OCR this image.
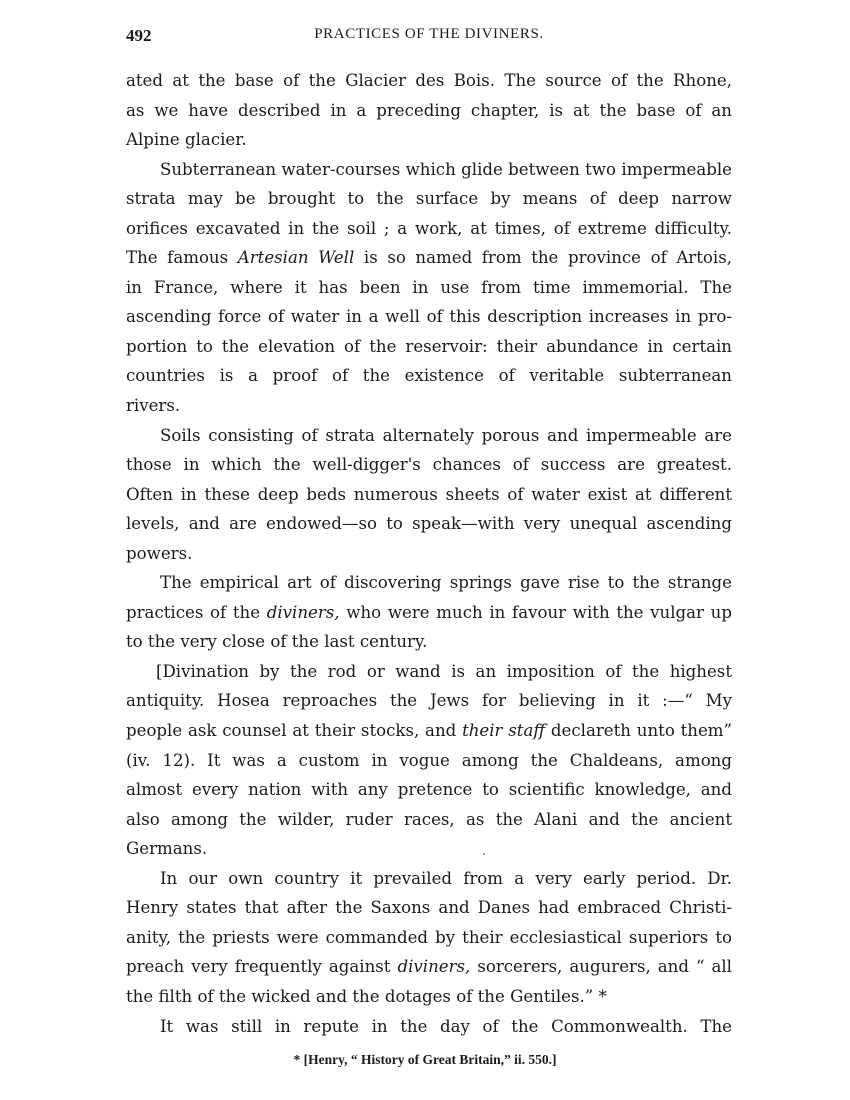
492	PRACTICES OF THE DIVINERS.
ated at the base of the Glacier des Bois. The source of the Rhone,
as we have described in a preceding chapter, is at the base of an
Alpine glacier.
Subterranean water-courses which glide between two impermeable
strata may be brought to the surface by means of deep narrow
orifices excavated in the soil ; a work, at times, of extreme difficulty.
The famous Artesian Well is so named from the province of Artois,
in France, where it has been in use from time immemorial. The
ascending force of water in a well of this description increases in pro-
portion to the elevation of the reservoir: their abundance in certain
countries is a proof of the existence of veritable subterranean
rivers.
Soils consisting of strata alternately porous and impermeable are
those in which the well-digger's chances of success are greatest.
Often in these deep beds numerous sheets of water exist at different
levels, and are endowed—so to speak—with very unequal ascending
powers.
The empirical art of discovering springs gave rise to the strange
practices of the diviners, who were much in favour with the vulgar up
to the very close of the last century.
[Divination by the rod or wand is an imposition of the highest
antiquity. Hosea reproaches the Jews for believing in it :—“ My
people ask counsel at their stocks, and their staff declareth unto them”
(iv. 12). It was a custom in vogue among the Chaldeans, among
almost every nation with any pretence to scientific knowledge, and
also among the wilder, ruder races, as the Alani and the ancient
Germans.
In our own country it prevailed from a very early period. Dr.
Henry states that after the Saxons and Danes had embraced Christi-
anity, the priests were commanded by their ecclesiastical superiors to
preach very frequently against diviners, sorcerers, augurers, and “ all
the filth of the wicked and the dotages of the Gentiles.” *
It was still in repute in the day of the Commonwealth. The
* [Henry, “ History of Great Britain,” ii. 550.]
